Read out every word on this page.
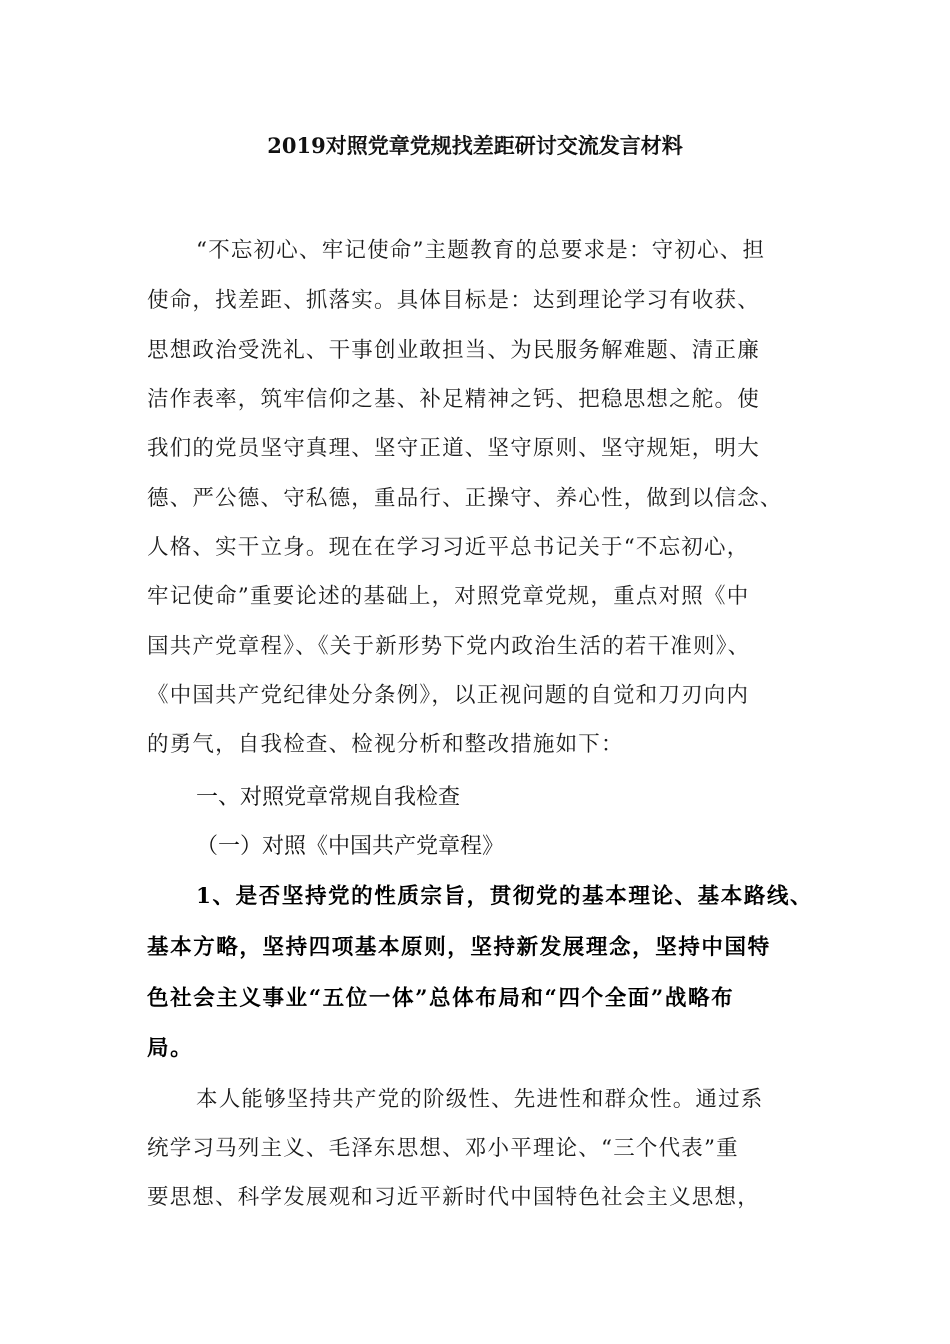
2019对照党章党规找差距研讨交流发言材料
“不忘初心、牢记使命”主题教育的总要求是：守初心、担
使命，找差距、抓落实。具体目标是：达到理论学习有收获、
思想政治受洗礼、干事创业敢担当、为民服务解难题、清正廉
洁作表率，筑牢信仰之基、补足精神之钙、把稳思想之舵。使
我们的党员坚守真理、坚守正道、坚守原则、坚守规矩，明大
德、严公德、守私德，重品行、正操守、养心性，做到以信念、
人格、实干立身。现在在学习习近平总书记关于“不忘初心，
牢记使命”重要论述的基础上，对照党章党规，重点对照《中
国共产党章程》、《关于新形势下党内政治生活的若干准则》、
《中国共产党纪律处分条例》，以正视问题的自觉和刀刃向内
的勇气，自我检查、检视分析和整改措施如下：
一、对照党章常规自我检查
（一）对照《中国共产党章程》
1、是否坚持党的性质宗旨，贯彻党的基本理论、基本路线、
基本方略，坚持四项基本原则，坚持新发展理念，坚持中国特
色社会主义事业“五位一体”总体布局和“四个全面”战略布
局。
本人能够坚持共产党的阶级性、先进性和群众性。通过系
统学习马列主义、毛泽东思想、邓小平理论、“三个代表”重
要思想、科学发展观和习近平新时代中国特色社会主义思想，
